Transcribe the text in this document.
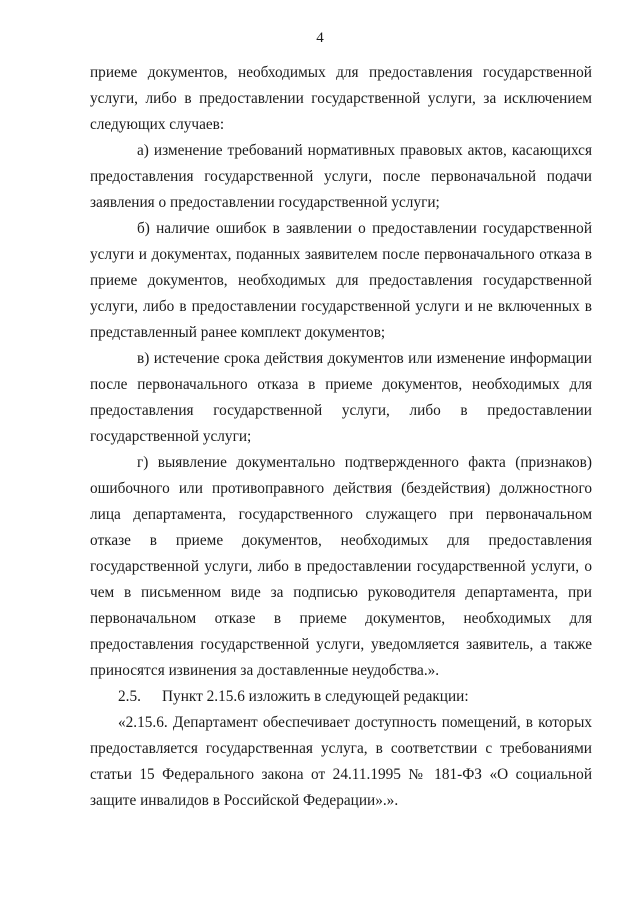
4

приеме документов, необходимых для предоставления государственной услуги, либо в предоставлении государственной услуги, за исключением следующих случаев:

а) изменение требований нормативных правовых актов, касающихся предоставления государственной услуги, после первоначальной подачи заявления о предоставлении государственной услуги;

б) наличие ошибок в заявлении о предоставлении государственной услуги и документах, поданных заявителем после первоначального отказа в приеме документов, необходимых для предоставления государственной услуги, либо в предоставлении государственной услуги и не включенных в представленный ранее комплект документов;

в) истечение срока действия документов или изменение информации после первоначального отказа в приеме документов, необходимых для предоставления государственной услуги, либо в предоставлении государственной услуги;

г) выявление документально подтвержденного факта (признаков) ошибочного или противоправного действия (бездействия) должностного лица департамента, государственного служащего при первоначальном отказе в приеме документов, необходимых для предоставления государственной услуги, либо в предоставлении государственной услуги, о чем в письменном виде за подписью руководителя департамента, при первоначальном отказе в приеме документов, необходимых для предоставления государственной услуги, уведомляется заявитель, а также приносятся извинения за доставленные неудобства.».

2.5. Пункт 2.15.6 изложить в следующей редакции:

«2.15.6. Департамент обеспечивает доступность помещений, в которых предоставляется государственная услуга, в соответствии с требованиями статьи 15 Федерального закона от 24.11.1995 № 181-ФЗ «О социальной защите инвалидов в Российской Федерации».».
